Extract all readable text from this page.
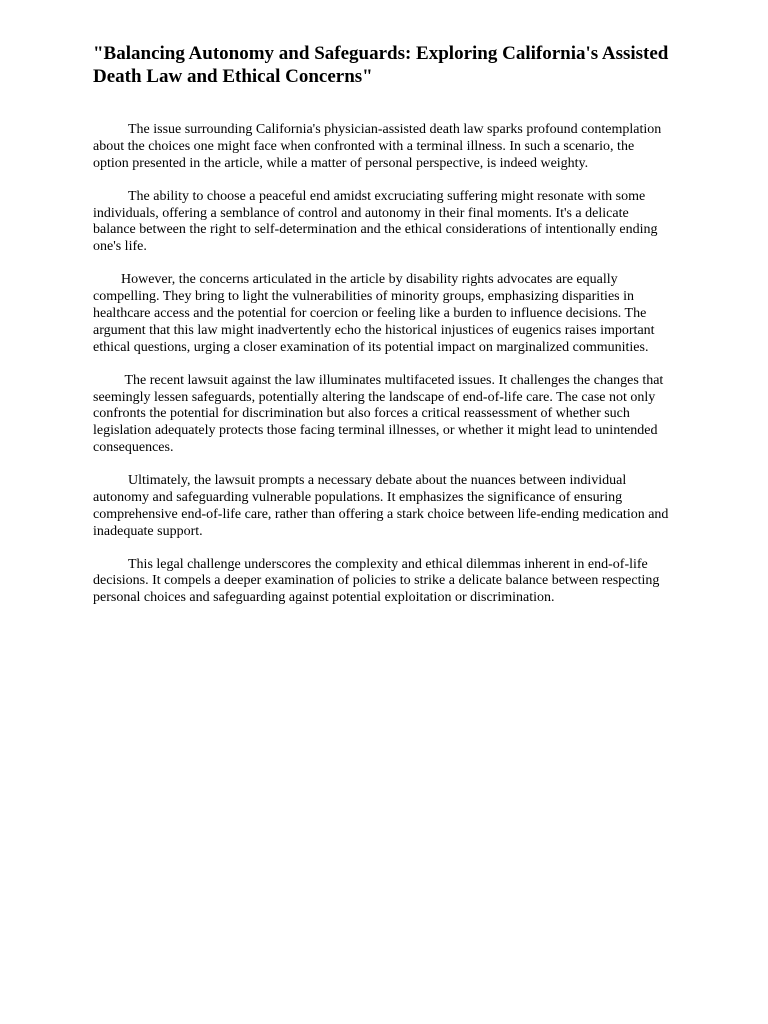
"Balancing Autonomy and Safeguards: Exploring California's Assisted Death Law and Ethical Concerns"

The issue surrounding California's physician-assisted death law sparks profound contemplation about the choices one might face when confronted with a terminal illness. In such a scenario, the option presented in the article, while a matter of personal perspective, is indeed weighty.

The ability to choose a peaceful end amidst excruciating suffering might resonate with some individuals, offering a semblance of control and autonomy in their final moments. It's a delicate balance between the right to self-determination and the ethical considerations of intentionally ending one's life.

However, the concerns articulated in the article by disability rights advocates are equally compelling. They bring to light the vulnerabilities of minority groups, emphasizing disparities in healthcare access and the potential for coercion or feeling like a burden to influence decisions. The argument that this law might inadvertently echo the historical injustices of eugenics raises important ethical questions, urging a closer examination of its potential impact on marginalized communities.

The recent lawsuit against the law illuminates multifaceted issues. It challenges the changes that seemingly lessen safeguards, potentially altering the landscape of end-of-life care. The case not only confronts the potential for discrimination but also forces a critical reassessment of whether such legislation adequately protects those facing terminal illnesses, or whether it might lead to unintended consequences.

Ultimately, the lawsuit prompts a necessary debate about the nuances between individual autonomy and safeguarding vulnerable populations. It emphasizes the significance of ensuring comprehensive end-of-life care, rather than offering a stark choice between life-ending medication and inadequate support.

This legal challenge underscores the complexity and ethical dilemmas inherent in end-of-life decisions. It compels a deeper examination of policies to strike a delicate balance between respecting personal choices and safeguarding against potential exploitation or discrimination.
